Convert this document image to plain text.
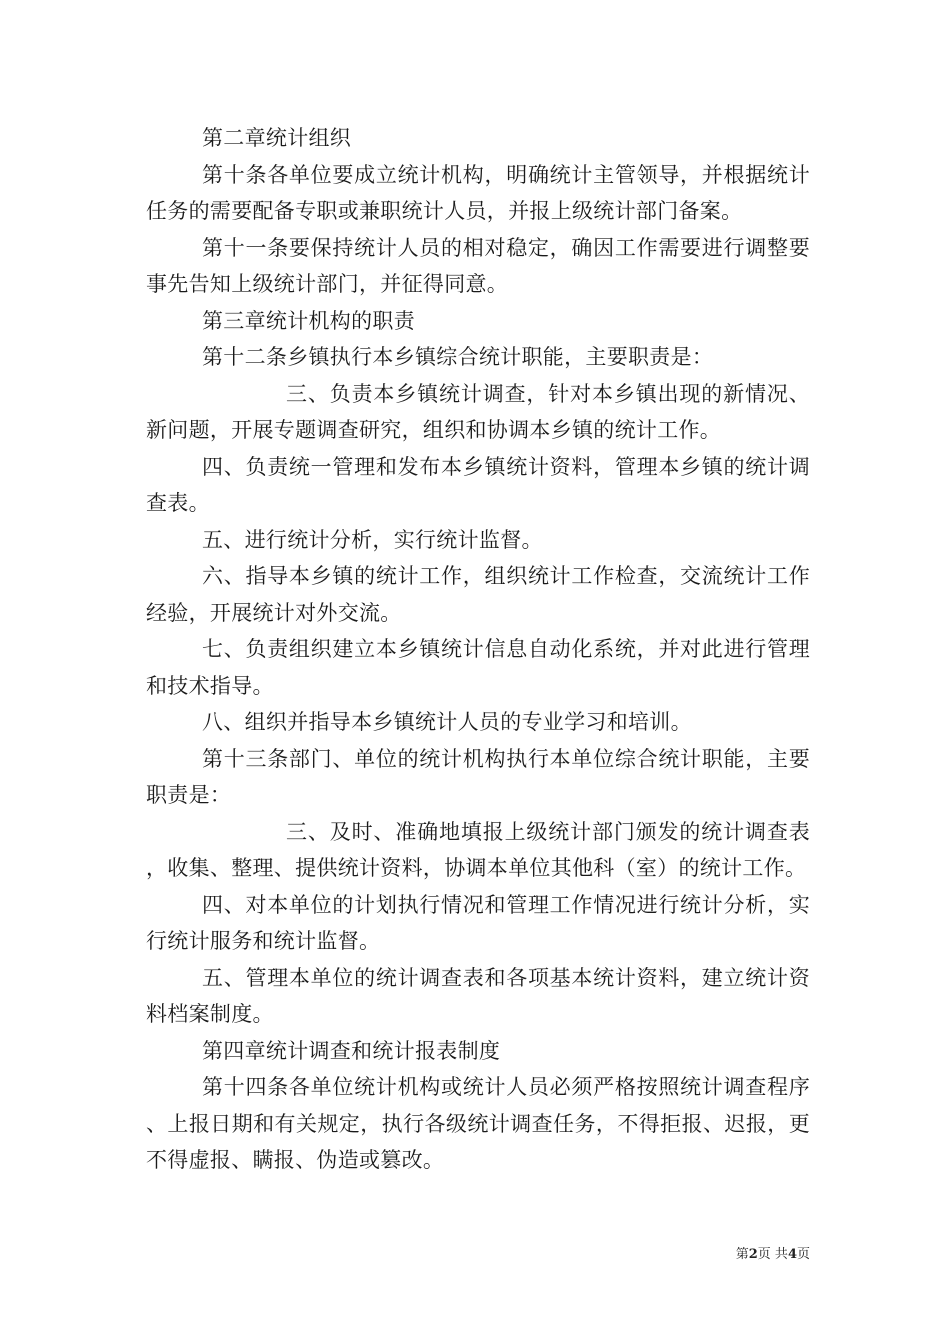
第二章统计组织

第十条各单位要成立统计机构，明确统计主管领导，并根据统计任务的需要配备专职或兼职统计人员，并报上级统计部门备案。

第十一条要保持统计人员的相对稳定，确因工作需要进行调整要事先告知上级统计部门，并征得同意。

第三章统计机构的职责

第十二条乡镇执行本乡镇综合统计职能，主要职责是：

三、负责本乡镇统计调查，针对本乡镇出现的新情况、新问题，开展专题调查研究，组织和协调本乡镇的统计工作。

四、负责统一管理和发布本乡镇统计资料，管理本乡镇的统计调查表。

五、进行统计分析，实行统计监督。

六、指导本乡镇的统计工作，组织统计工作检查，交流统计工作经验，开展统计对外交流。

七、负责组织建立本乡镇统计信息自动化系统，并对此进行管理和技术指导。

八、组织并指导本乡镇统计人员的专业学习和培训。

第十三条部门、单位的统计机构执行本单位综合统计职能，主要职责是：

三、及时、准确地填报上级统计部门颁发的统计调查表，收集、整理、提供统计资料，协调本单位其他科（室）的统计工作。

四、对本单位的计划执行情况和管理工作情况进行统计分析，实行统计服务和统计监督。

五、管理本单位的统计调查表和各项基本统计资料，建立统计资料档案制度。

第四章统计调查和统计报表制度

第十四条各单位统计机构或统计人员必须严格按照统计调查程序、上报日期和有关规定，执行各级统计调查任务，不得拒报、迟报，更不得虚报、瞒报、伪造或篡改。

第2页 共4页
